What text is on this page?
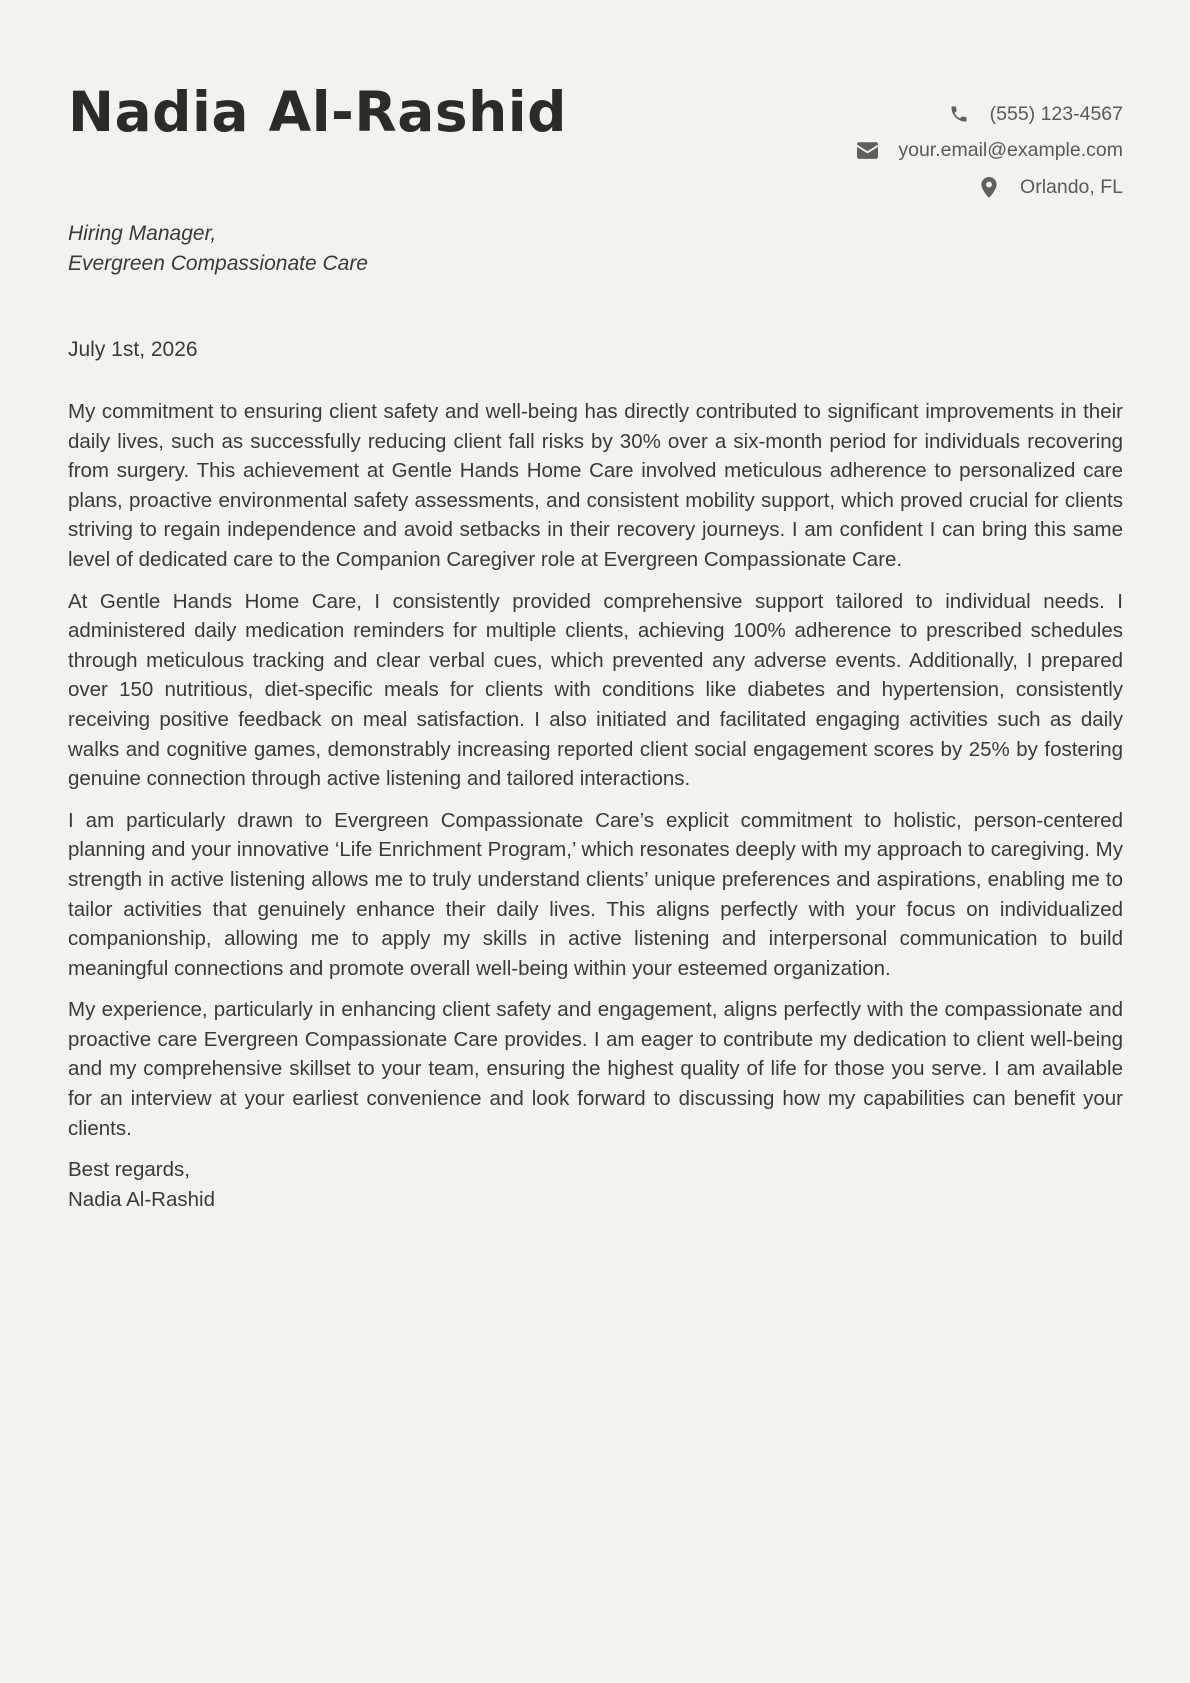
Nadia Al-Rashid	(555) 123-4567
your.email@example.com
Orlando, FL
Hiring Manager,
Evergreen Compassionate Care
July 1st, 2026

My commitment to ensuring client safety and well-being has directly contributed to significant improvements in their daily lives, such as successfully reducing client fall risks by 30% over a six-month period for individuals recovering from surgery. This achievement at Gentle Hands Home Care involved meticulous adherence to personalized care plans, proactive environmental safety assessments, and consistent mobility support, which proved crucial for clients striving to regain independence and avoid setbacks in their recovery journeys. I am confident I can bring this same level of dedicated care to the Companion Caregiver role at Evergreen Compassionate Care.

At Gentle Hands Home Care, I consistently provided comprehensive support tailored to individual needs. I administered daily medication reminders for multiple clients, achieving 100% adherence to prescribed schedules through meticulous tracking and clear verbal cues, which prevented any adverse events. Additionally, I prepared over 150 nutritious, diet-specific meals for clients with conditions like diabetes and hypertension, consistently receiving positive feedback on meal satisfaction. I also initiated and facilitated engaging activities such as daily walks and cognitive games, demonstrably increasing reported client social engagement scores by 25% by fostering genuine connection through active listening and tailored interactions.

I am particularly drawn to Evergreen Compassionate Care’s explicit commitment to holistic, person-centered planning and your innovative ‘Life Enrichment Program,’ which resonates deeply with my approach to caregiving. My strength in active listening allows me to truly understand clients’ unique preferences and aspirations, enabling me to tailor activities that genuinely enhance their daily lives. This aligns perfectly with your focus on individualized companionship, allowing me to apply my skills in active listening and interpersonal communication to build meaningful connections and promote overall well-being within your esteemed organization.

My experience, particularly in enhancing client safety and engagement, aligns perfectly with the compassionate and proactive care Evergreen Compassionate Care provides. I am eager to contribute my dedication to client well-being and my comprehensive skillset to your team, ensuring the highest quality of life for those you serve. I am available for an interview at your earliest convenience and look forward to discussing how my capabilities can benefit your clients.

Best regards,
Nadia Al-Rashid
